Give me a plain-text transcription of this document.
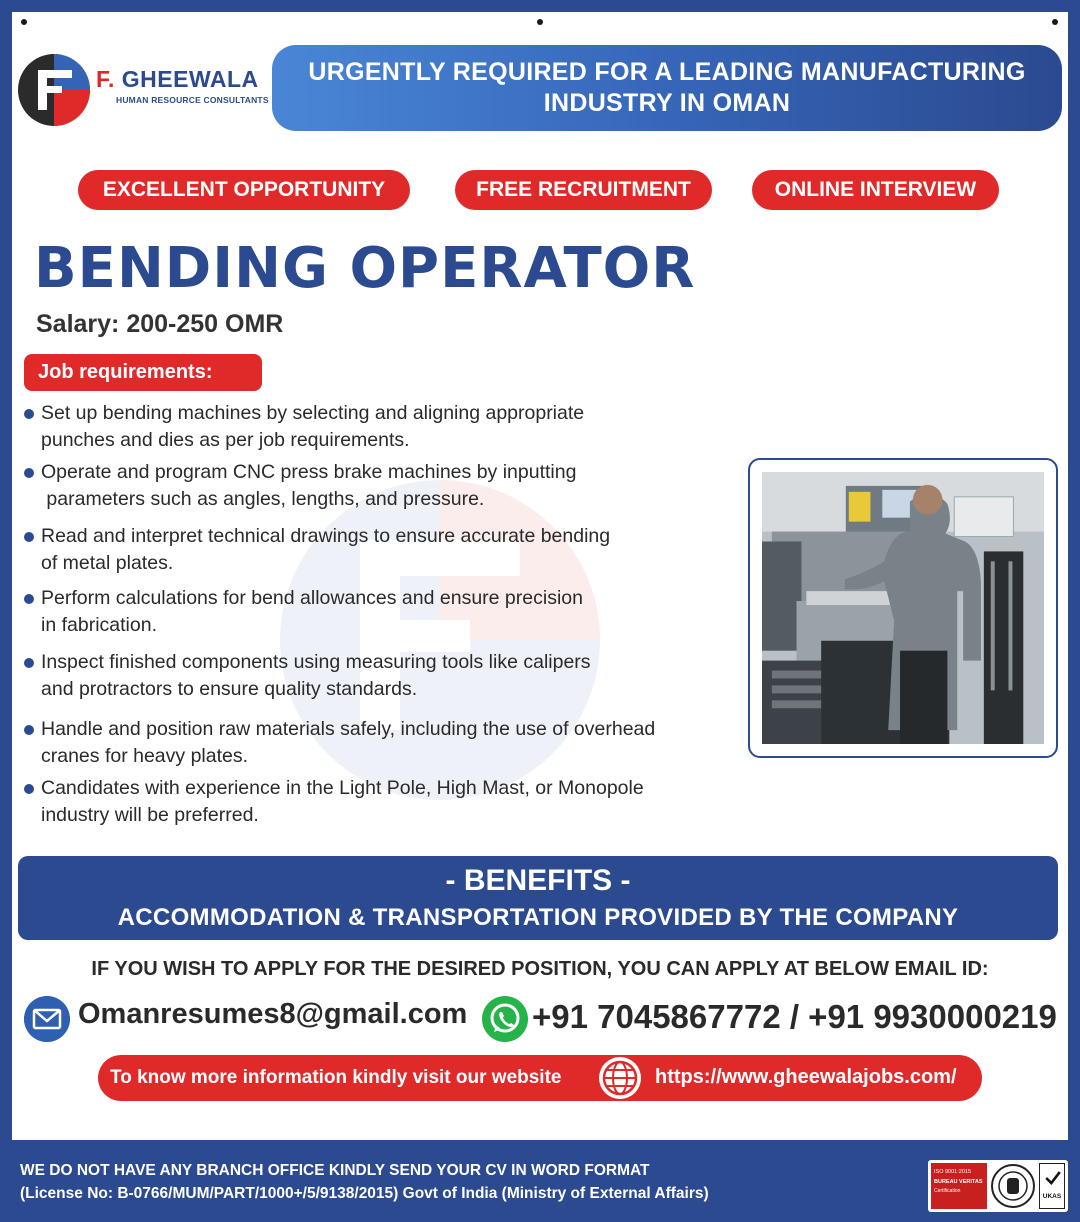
F. GHEEWALA
HUMAN RESOURCE CONSULTANTS
URGENTLY REQUIRED FOR A LEADING MANUFACTURING INDUSTRY IN OMAN
EXCELLENT OPPORTUNITY	FREE RECRUITMENT	ONLINE INTERVIEW
BENDING OPERATOR
Salary: 200-250 OMR
Job requirements:
Set up bending machines by selecting and aligning appropriate
punches and dies as per job requirements.
Operate and program CNC press brake machines by inputting
parameters such as angles, lengths, and pressure.
Read and interpret technical drawings to ensure accurate bending
of metal plates.
Perform calculations for bend allowances and ensure precision
in fabrication.
Inspect finished components using measuring tools like calipers
and protractors to ensure quality standards.
Handle and position raw materials safely, including the use of overhead
cranes for heavy plates.
Candidates with experience in the Light Pole, High Mast, or Monopole
industry will be preferred.
- BENEFITS -
ACCOMMODATION & TRANSPORTATION PROVIDED BY THE COMPANY
IF YOU WISH TO APPLY FOR THE DESIRED POSITION, YOU CAN APPLY AT BELOW EMAIL ID:
Omanresumes8@gmail.com +91 7045867772 / +91 9930000219
To know more information kindly visit our website	https://www.gheewalajobs.com/
WE DO NOT HAVE ANY BRANCH OFFICE KINDLY SEND YOUR CV IN WORD FORMAT
(License No: B-0766/MUM/PART/1000+/5/9138/2015) Govt of India (Ministry of External Affairs)
ISO 9001:2015
BUREAU VERITAS
Certification
UKAS
